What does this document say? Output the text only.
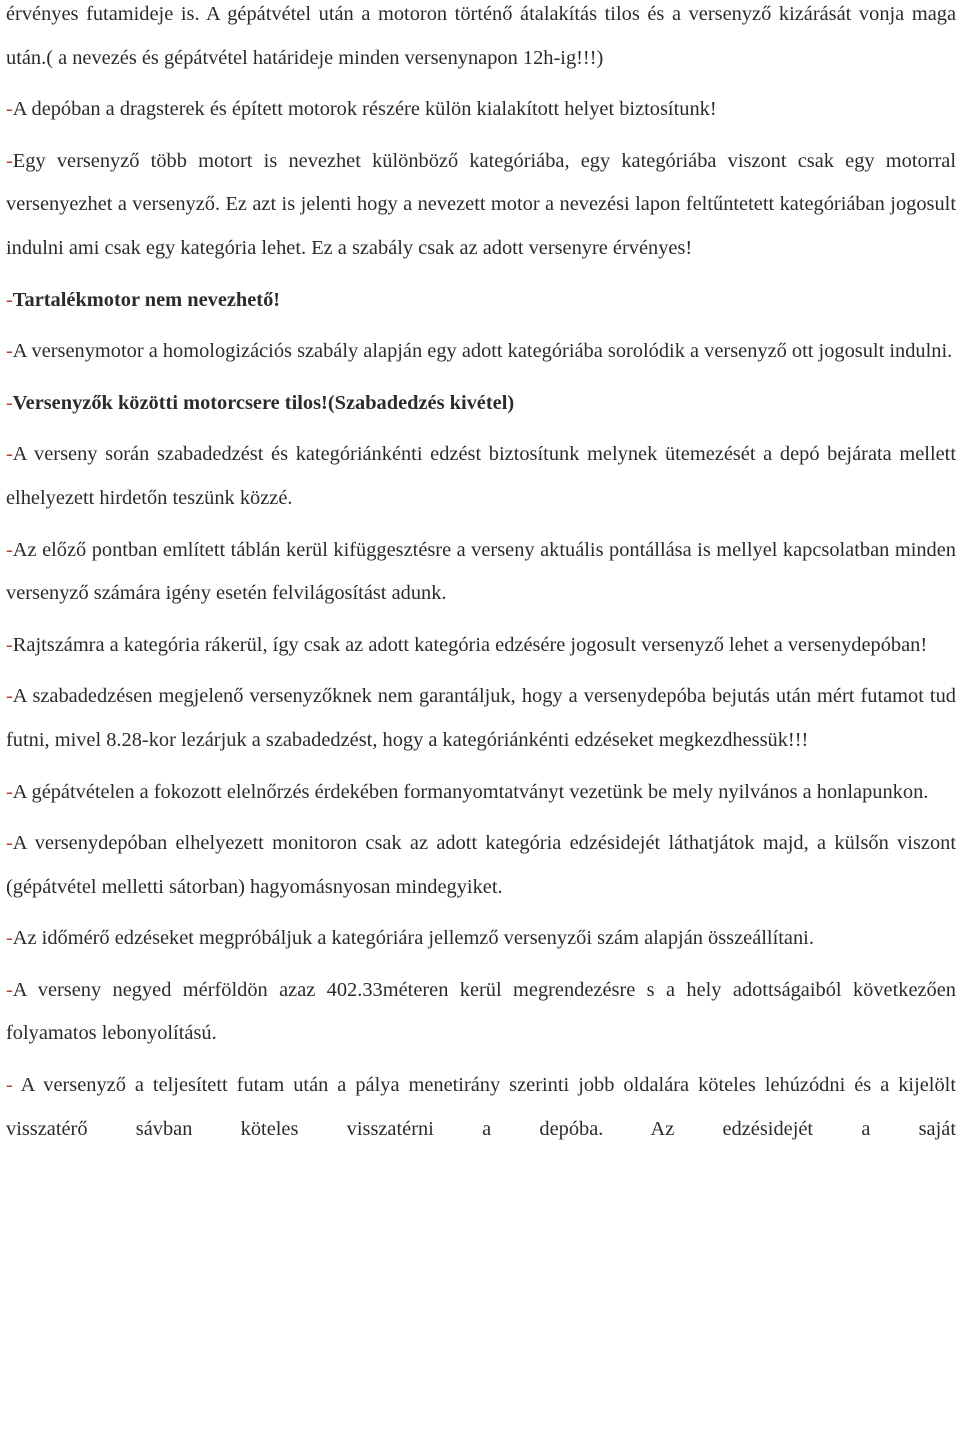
érvényes futamideje is. A gépátvétel után a motoron történő átalakítás tilos és a versenyző kizárását vonja maga után.( a nevezés és gépátvétel határideje minden versenynapon 12h-ig!!!)

-A depóban a dragsterek és épített motorok részére külön kialakított helyet biztosítunk!

-Egy versenyző több motort is nevezhet különböző kategóriába, egy kategóriába viszont csak egy motorral versenyezhet a versenyző. Ez azt is jelenti hogy a nevezett motor a nevezési lapon feltűntetett kategóriában jogosult indulni ami csak egy kategória lehet. Ez a szabály csak az adott versenyre érvényes!

-Tartalékmotor nem nevezhető!

-A versenymotor a homologizációs szabály alapján egy adott kategóriába sorolódik a versenyző ott jogosult indulni.

-Versenyzők közötti motorcsere tilos!(Szabadedzés kivétel)

-A verseny során szabadedzést és kategóriánkénti edzést biztosítunk melynek ütemezését a depó bejárata mellett elhelyezett hirdetőn teszünk közzé.

-Az előző pontban említett táblán kerül kifüggesztésre a verseny aktuális pontállása is mellyel kapcsolatban minden versenyző számára igény esetén felvilágosítást adunk.

-Rajtszámra a kategória rákerül, így csak az adott kategória edzésére jogosult versenyző lehet a versenydepóban!

-A szabadedzésen megjelenő versenyzőknek nem garantáljuk, hogy a versenydepóba bejutás után mért futamot tud futni, mivel 8.28-kor lezárjuk a szabadedzést, hogy a kategóriánkénti edzéseket megkezdhessük!!!

-A gépátvételen a fokozott elelnőrzés érdekében formanyomtatványt vezetünk be mely nyilvános a honlapunkon.

-A versenydepóban elhelyezett monitoron csak az adott kategória edzésidejét láthatjátok majd, a külsőn viszont (gépátvétel melletti sátorban) hagyomásnyosan mindegyiket.

-Az időmérő edzéseket megpróbáljuk a kategóriára jellemző versenyzői szám alapján összeállítani.

-A verseny negyed mérföldön azaz 402.33méteren kerül megrendezésre s a hely adottságaiból következően folyamatos lebonyolítású.

- A versenyző a teljesített futam után a pálya menetirány szerinti jobb oldalára köteles lehúzódni és a kijelölt visszatérő sávban köteles visszatérni a depóba. Az edzésidejét a saját
